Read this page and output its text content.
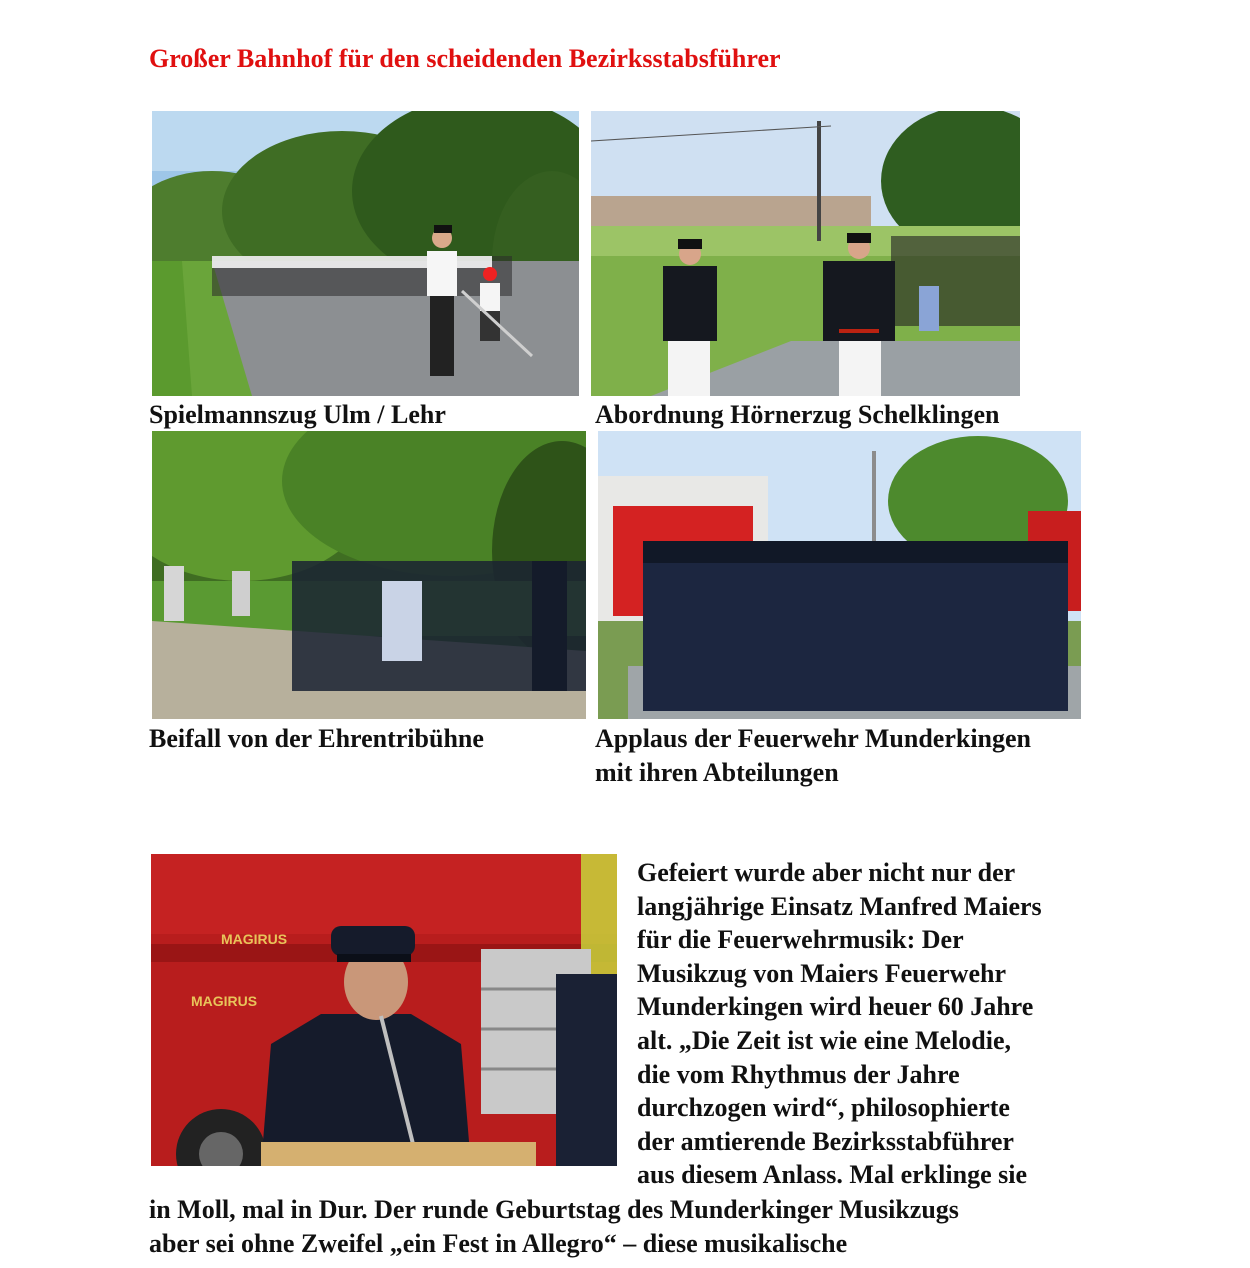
Großer Bahnhof für den scheidenden Bezirksstabsführer
Spielmannszug Ulm / Lehr	Abordnung Hörnerzug Schelklingen
Beifall von der Ehrentribühne	Applaus der Feuerwehr Munderkingen
mit ihren Abteilungen
MAGIRUS
MAGIRUS

Gefeiert wurde aber nicht nur der

langjährige Einsatz Manfred Maiers

für die Feuerwehrmusik: Der

Musikzug von Maiers Feuerwehr

Munderkingen wird heuer 60 Jahre

alt. „Die Zeit ist wie eine Melodie,

die vom Rhythmus der Jahre

durchzogen wird“, philosophierte

der amtierende Bezirksstabführer

aus diesem Anlass. Mal erklinge sie

in Moll, mal in Dur. Der runde Geburtstag des Munderkinger Musikzugs

aber sei ohne Zweifel „ein Fest in Allegro“ – diese musikalische
